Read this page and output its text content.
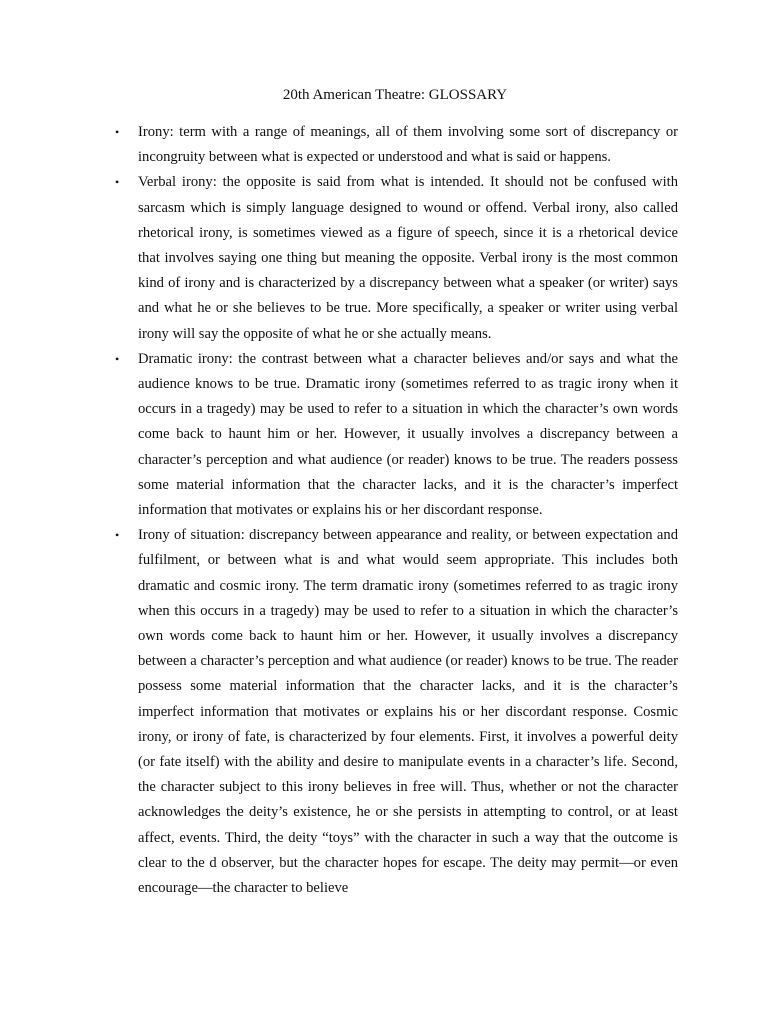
20th American Theatre: GLOSSARY
• Irony: term with a range of meanings, all of them involving some sort of discrepancy or incongruity between what is expected or understood and what is said or happens.
• Verbal irony: the opposite is said from what is intended. It should not be confused with sarcasm which is simply language designed to wound or offend. Verbal irony, also called rhetorical irony, is sometimes viewed as a figure of speech, since it is a rhetorical device that involves saying one thing but meaning the opposite. Verbal irony is the most common kind of irony and is characterized by a discrepancy between what a speaker (or writer) says and what he or she believes to be true. More specifically, a speaker or writer using verbal irony will say the opposite of what he or she actually means.
• Dramatic irony: the contrast between what a character believes and/or says and what the audience knows to be true. Dramatic irony (sometimes referred to as tragic irony when it occurs in a tragedy) may be used to refer to a situation in which the character’s own words come back to haunt him or her. However, it usually involves a discrepancy between a character’s perception and what audience (or reader) knows to be true. The readers possess some material information that the character lacks, and it is the character’s imperfect information that motivates or explains his or her discordant response.
• Irony of situation: discrepancy between appearance and reality, or between expectation and fulfilment, or between what is and what would seem appropriate. This includes both dramatic and cosmic irony. The term dramatic irony (sometimes referred to as tragic irony when this occurs in a tragedy) may be used to refer to a situation in which the character’s own words come back to haunt him or her. However, it usually involves a discrepancy between a character’s perception and what audience (or reader) knows to be true. The reader possess some material information that the character lacks, and it is the character’s imperfect information that motivates or explains his or her discordant response. Cosmic irony, or irony of fate, is characterized by four elements. First, it involves a powerful deity (or fate itself) with the ability and desire to manipulate events in a character’s life. Second, the character subject to this irony believes in free will. Thus, whether or not the character acknowledges the deity’s existence, he or she persists in attempting to control, or at least affect, events. Third, the deity “toys” with the character in such a way that the outcome is clear to the d observer, but the character hopes for escape. The deity may permit—or even encourage—the character to believe
